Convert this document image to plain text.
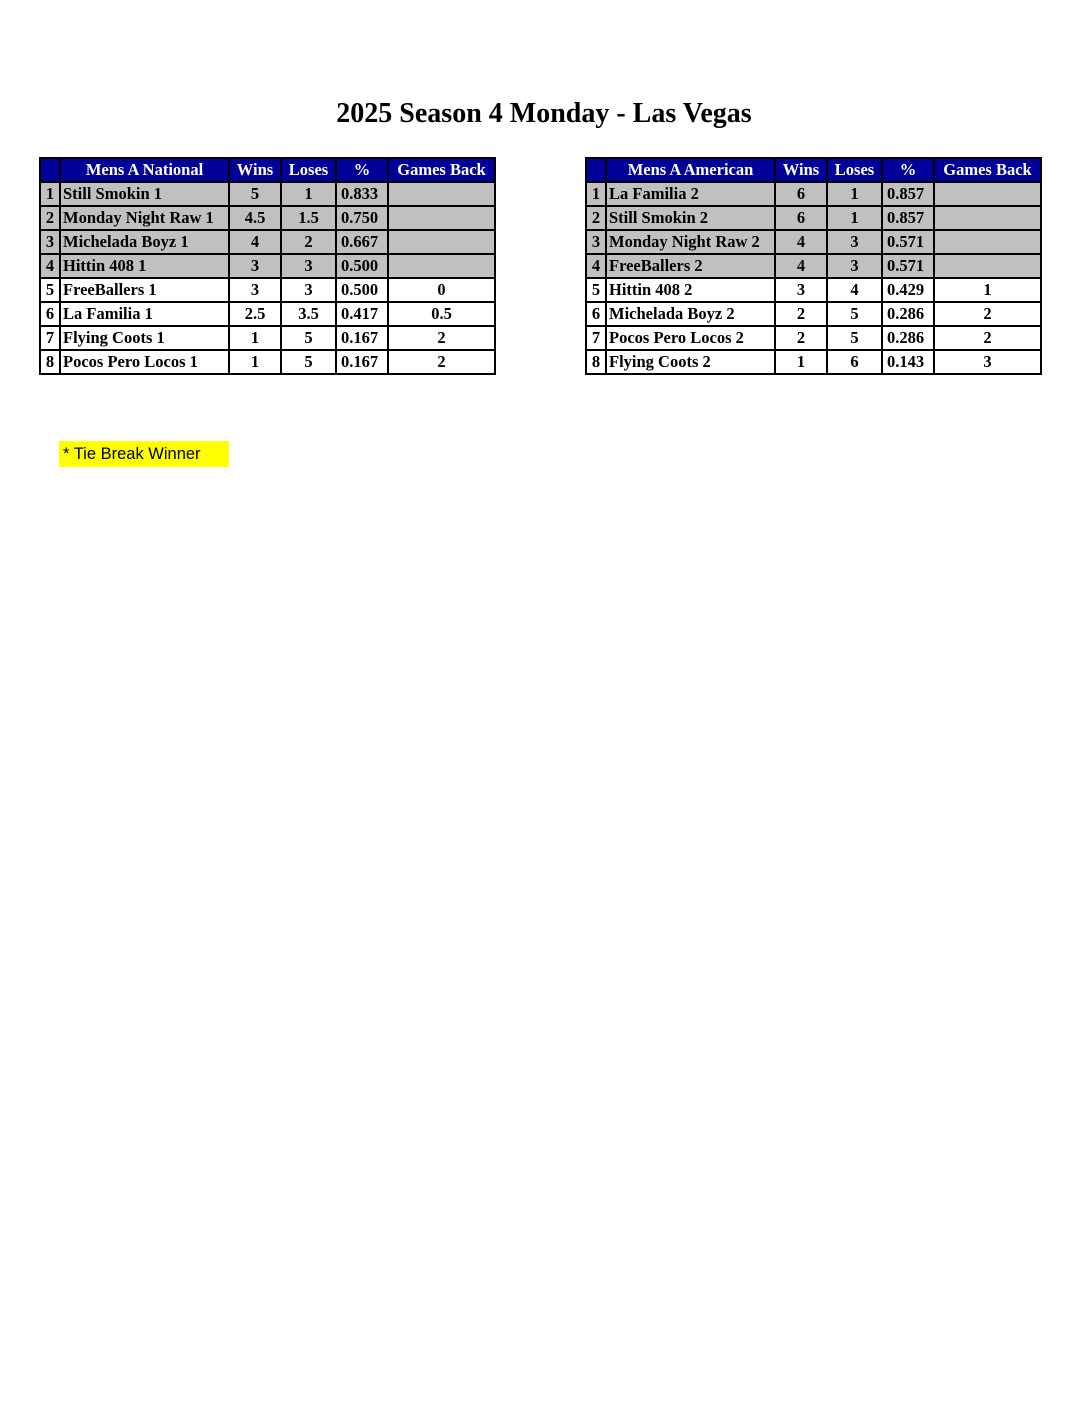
2025 Season 4 Monday - Las Vegas
	Mens A National	Wins	Loses	%	Games Back
1	Still Smokin 1	5	1	0.833	
2	Monday Night Raw 1	4.5	1.5	0.750	
3	Michelada Boyz 1	4	2	0.667	
4	Hittin 408 1	3	3	0.500	
5	FreeBallers 1	3	3	0.500	0
6	La Familia 1	2.5	3.5	0.417	0.5
7	Flying Coots 1	1	5	0.167	2
8	Pocos Pero Locos 1	1	5	0.167	2
	Mens A American	Wins	Loses	%	Games Back
1	La Familia 2	6	1	0.857	
2	Still Smokin 2	6	1	0.857	
3	Monday Night Raw 2	4	3	0.571	
4	FreeBallers 2	4	3	0.571	
5	Hittin 408 2	3	4	0.429	1
6	Michelada Boyz 2	2	5	0.286	2
7	Pocos Pero Locos 2	2	5	0.286	2
8	Flying Coots 2	1	6	0.143	3
* Tie Break Winner
